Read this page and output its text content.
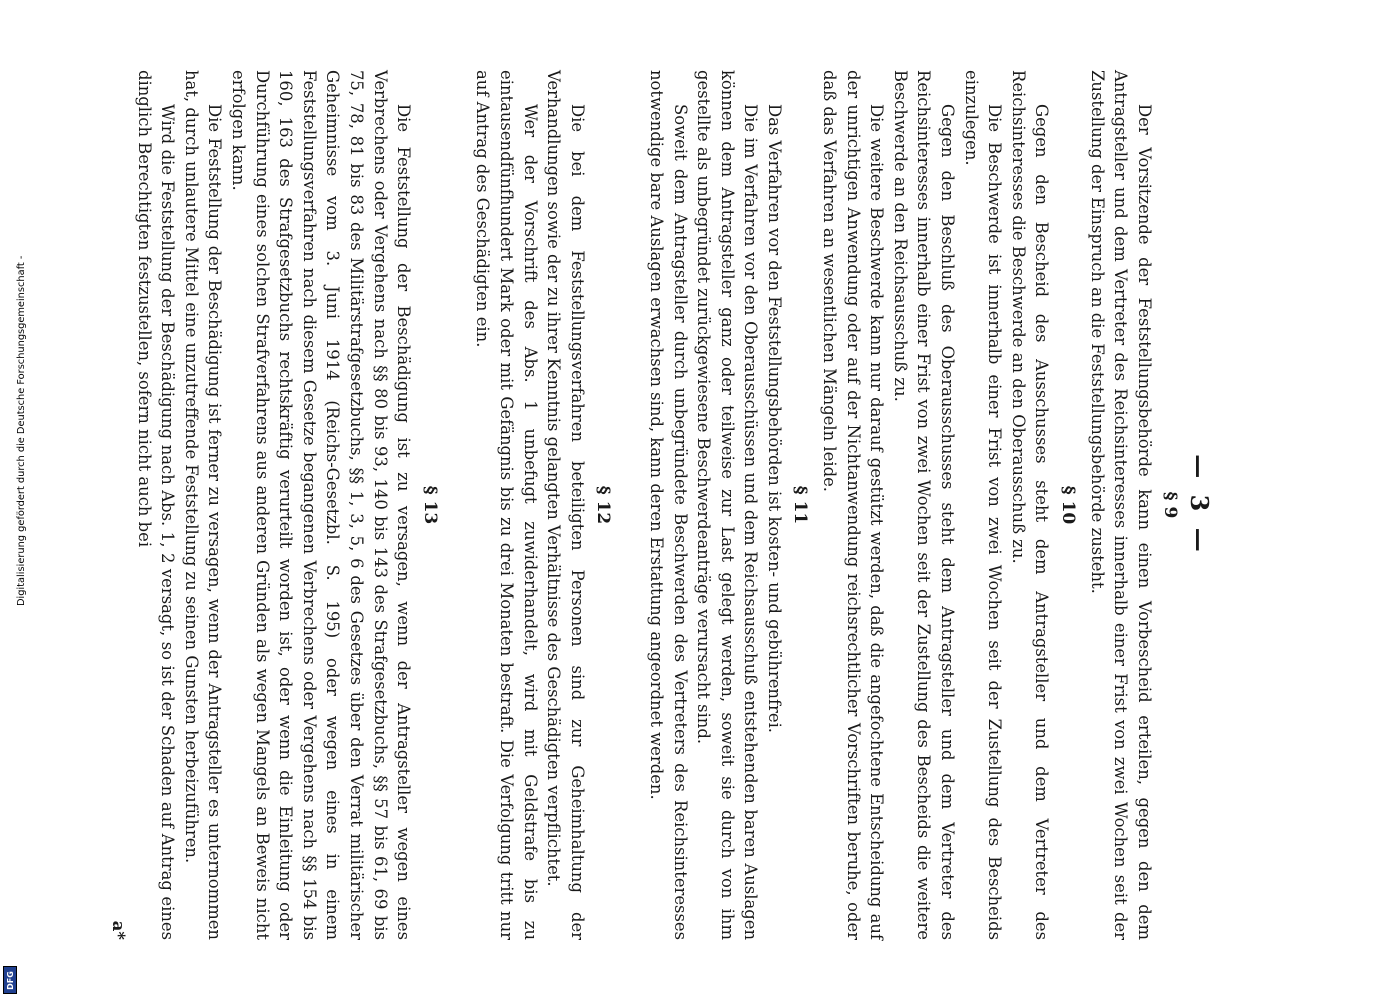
Digitalisierung gefördert durch die Deutsche Forschungsgemeinschaft -
DFG
— 3 —
§ 9

Der Vorsitzende der Feststellungsbehörde kann einen Vorbescheid erteilen, gegen den dem Antragsteller und dem Vertreter des Reichsinteresses innerhalb einer Frist von zwei Wochen seit der Zustellung der Einspruch an die Feststellungsbehörde zusteht.

§ 10

Gegen den Bescheid des Ausschusses steht dem Antragsteller und dem Vertreter des Reichsinteresses die Beschwerde an den Oberausschuß zu.

Die Beschwerde ist innerhalb einer Frist von zwei Wochen seit der Zustellung des Bescheids einzulegen.

Gegen den Beschluß des Oberausschusses steht dem Antragsteller und dem Vertreter des Reichsinteresses innerhalb einer Frist von zwei Wochen seit der Zustellung des Bescheids die weitere Beschwerde an den Reichsausschuß zu.

Die weitere Beschwerde kann nur darauf gestützt werden, daß die angefochtene Entscheidung auf der unrichtigen Anwendung oder auf der Nichtanwendung reichsrechtlicher Vorschriften beruhe, oder daß das Verfahren an wesentlichen Mängeln leide.

§ 11

Das Verfahren vor den Feststellungsbehörden ist kosten- und gebührenfrei.

Die im Verfahren vor den Oberausschüssen und dem Reichsausschuß entstehenden baren Auslagen können dem Antragsteller ganz oder teilweise zur Last gelegt werden, soweit sie durch von ihm gestellte als unbegründet zurückgewiesene Beschwerdeanträge verursacht sind.

Soweit dem Antragsteller durch unbegründete Beschwerden des Vertreters des Reichsinteresses notwendige bare Auslagen erwachsen sind, kann deren Erstattung angeordnet werden.

§ 12

Die bei dem Feststellungsverfahren beteiligten Personen sind zur Geheimhaltung der Verhandlungen sowie der zu ihrer Kenntnis gelangten Verhältnisse des Geschädigten verpflichtet.

Wer der Vorschrift des Abs. 1 unbefugt zuwiderhandelt, wird mit Geldstrafe bis zu eintausendfünfhundert Mark oder mit Gefängnis bis zu drei Monaten bestraft. Die Verfolgung tritt nur auf Antrag des Geschädigten ein.

§ 13

Die Feststellung der Beschädigung ist zu versagen, wenn der Antragsteller wegen eines Verbrechens oder Vergehens nach §§ 80 bis 93, 140 bis 143 des Strafgesetzbuchs, §§ 57 bis 61, 69 bis 75, 78, 81 bis 83 des Militärstrafgesetzbuchs, §§ 1, 3, 5, 6 des Gesetzes über den Verrat militärischer Geheimnisse vom 3. Juni 1914 (Reichs-Gesetzbl. S. 195) oder wegen eines in einem Feststellungsverfahren nach diesem Gesetze begangenen Verbrechens oder Vergehens nach §§ 154 bis 160, 163 des Strafgesetzbuchs rechtskräftig verurteilt worden ist, oder wenn die Einleitung oder Durchführung eines solchen Strafverfahrens aus anderen Gründen als wegen Mangels an Beweis nicht erfolgen kann.

Die Feststellung der Beschädigung ist ferner zu versagen, wenn der Antragsteller es unternommen hat, durch unlautere Mittel eine unzutreffende Feststellung zu seinen Gunsten herbeizuführen.

Wird die Feststellung der Beschädigung nach Abs. 1, 2 versagt, so ist der Schaden auf Antrag eines dinglich Berechtigten festzustellen, sofern nicht auch bei

a*
